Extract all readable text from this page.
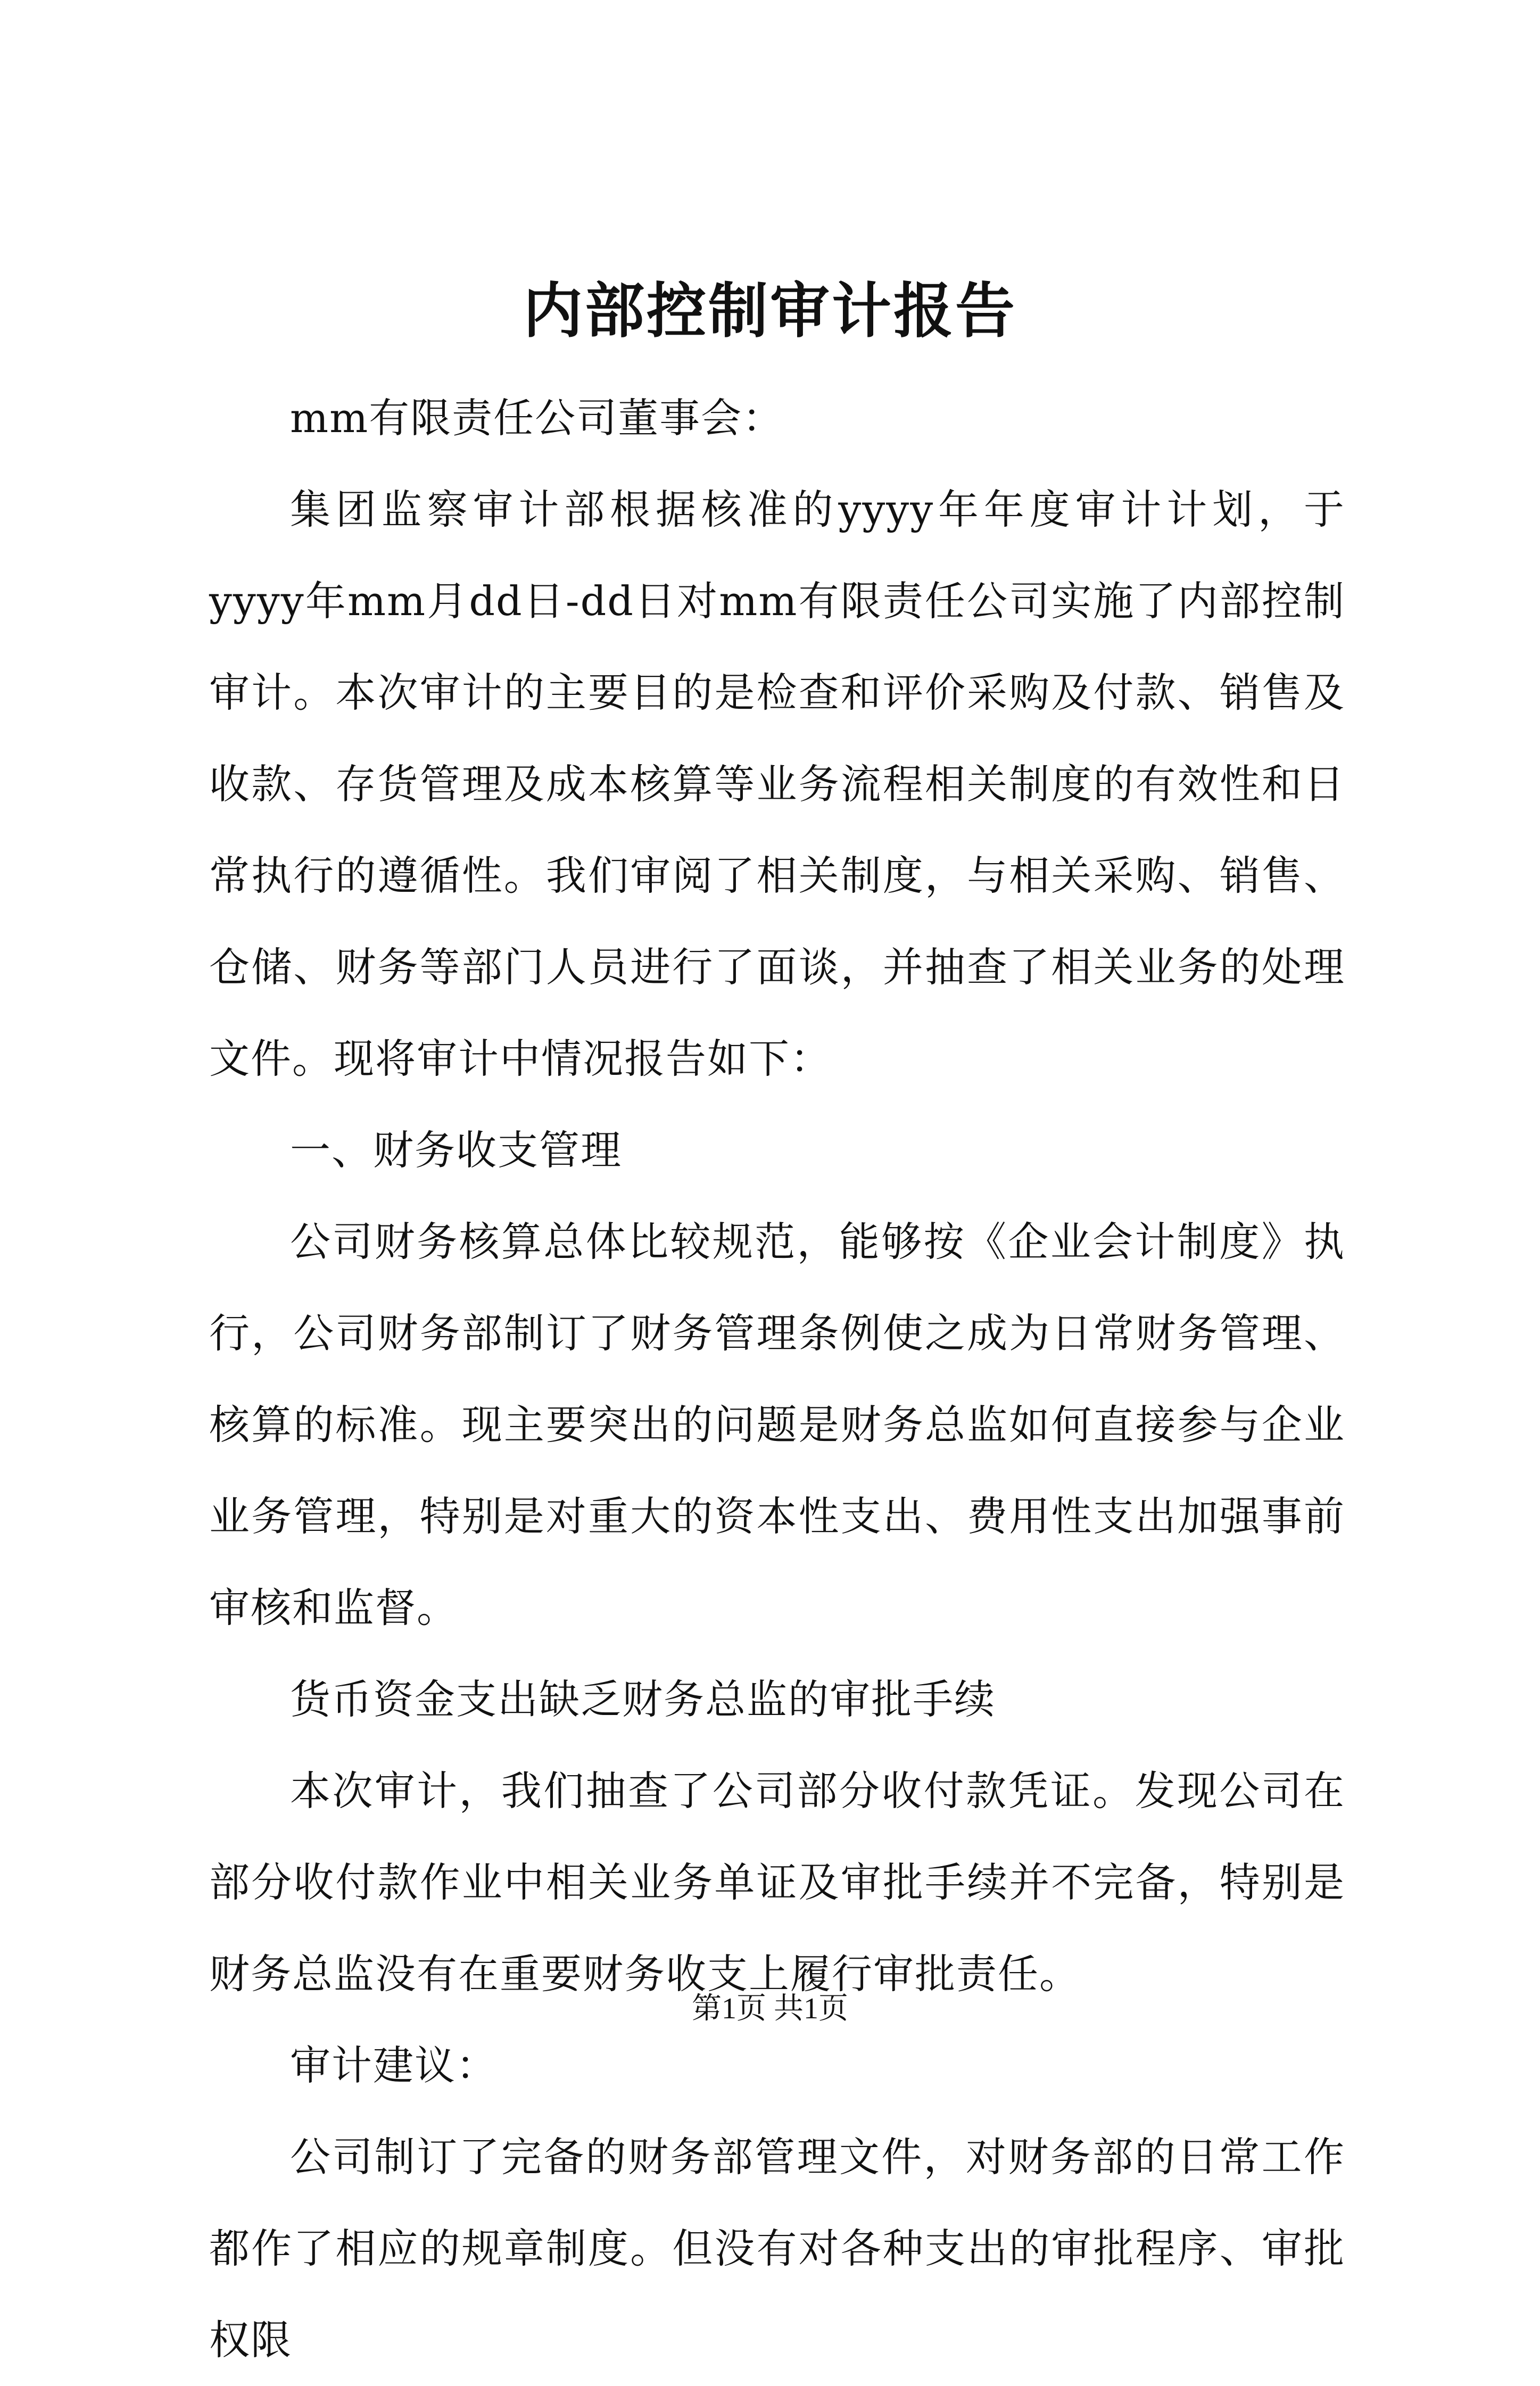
内部控制审计报告

mm有限责任公司董事会：

集团监察审计部根据核准的yyyy年年度审计计划，于yyyy年mm月dd日-dd日对mm有限责任公司实施了内部控制审计。本次审计的主要目的是检查和评价采购及付款、销售及收款、存货管理及成本核算等业务流程相关制度的有效性和日常执行的遵循性。我们审阅了相关制度，与相关采购、销售、仓储、财务等部门人员进行了面谈，并抽查了相关业务的处理文件。现将审计中情况报告如下：

一、财务收支管理

公司财务核算总体比较规范，能够按《企业会计制度》执行，公司财务部制订了财务管理条例使之成为日常财务管理、核算的标准。现主要突出的问题是财务总监如何直接参与企业业务管理，特别是对重大的资本性支出、费用性支出加强事前审核和监督。

货币资金支出缺乏财务总监的审批手续

本次审计，我们抽查了公司部分收付款凭证。发现公司在部分收付款作业中相关业务单证及审批手续并不完备，特别是财务总监没有在重要财务收支上履行审批责任。

审计建议：

公司制订了完备的财务部管理文件，对财务部的日常工作都作了相应的规章制度。但没有对各种支出的审批程序、审批权限

第1页 共1页
